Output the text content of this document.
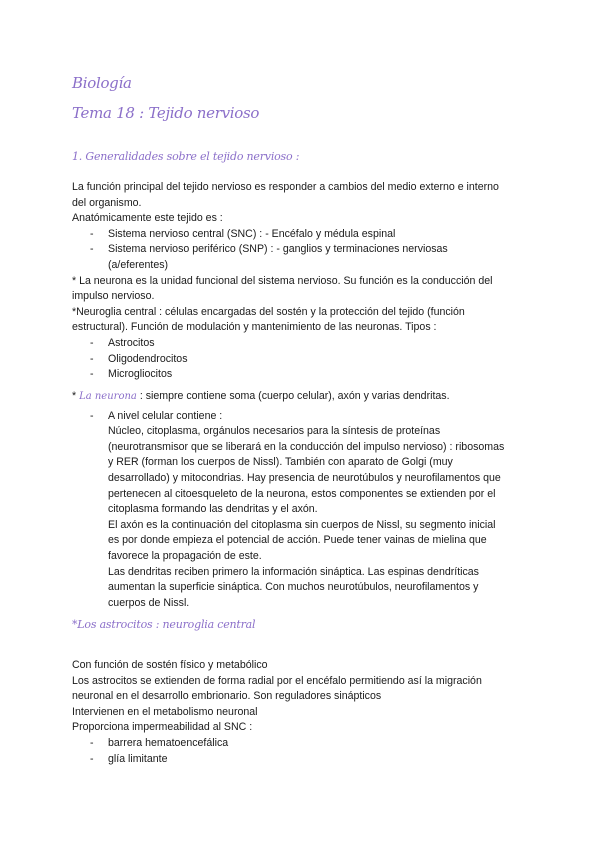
Biología
Tema 18 : Tejido nervioso
1. Generalidades sobre el tejido nervioso :
La función principal del tejido nervioso es responder a cambios del medio externo e interno
del organismo.
Anatómicamente este tejido es :
- Sistema nervioso central (SNC) : - Encéfalo y médula espinal
- Sistema nervioso periférico (SNP) : - ganglios y terminaciones nerviosas
(a/eferentes)
* La neurona es la unidad funcional del sistema nervioso. Su función es la conducción del
impulso nervioso.
*Neuroglia central : células encargadas del sostén y la protección del tejido (función
estructural). Función de modulación y mantenimiento de las neuronas. Tipos :
- Astrocitos
- Oligodendrocitos
- Microgliocitos
* La neurona : siempre contiene soma (cuerpo celular), axón y varias dendritas.
- A nivel celular contiene :
Núcleo, citoplasma, orgánulos necesarios para la síntesis de proteínas
(neurotransmisor que se liberará en la conducción del impulso nervioso) : ribosomas
y RER (forman los cuerpos de Nissl). También con aparato de Golgi (muy
desarrollado) y mitocondrias. Hay presencia de neurotúbulos y neurofilamentos que
pertenecen al citoesqueleto de la neurona, estos componentes se extienden por el
citoplasma formando las dendritas y el axón.
El axón es la continuación del citoplasma sin cuerpos de Nissl, su segmento inicial
es por donde empieza el potencial de acción. Puede tener vainas de mielina que
favorece la propagación de este.
Las dendritas reciben primero la información sináptica. Las espinas dendríticas
aumentan la superficie sináptica. Con muchos neurotúbulos, neurofilamentos y
cuerpos de Nissl.
*Los astrocitos : neuroglia central
Con función de sostén físico y metabólico
Los astrocitos se extienden de forma radial por el encéfalo permitiendo así la migración
neuronal en el desarrollo embrionario. Son reguladores sinápticos
Intervienen en el metabolismo neuronal
Proporciona impermeabilidad al SNC :
- barrera hematoencefálica
- glía limitante
